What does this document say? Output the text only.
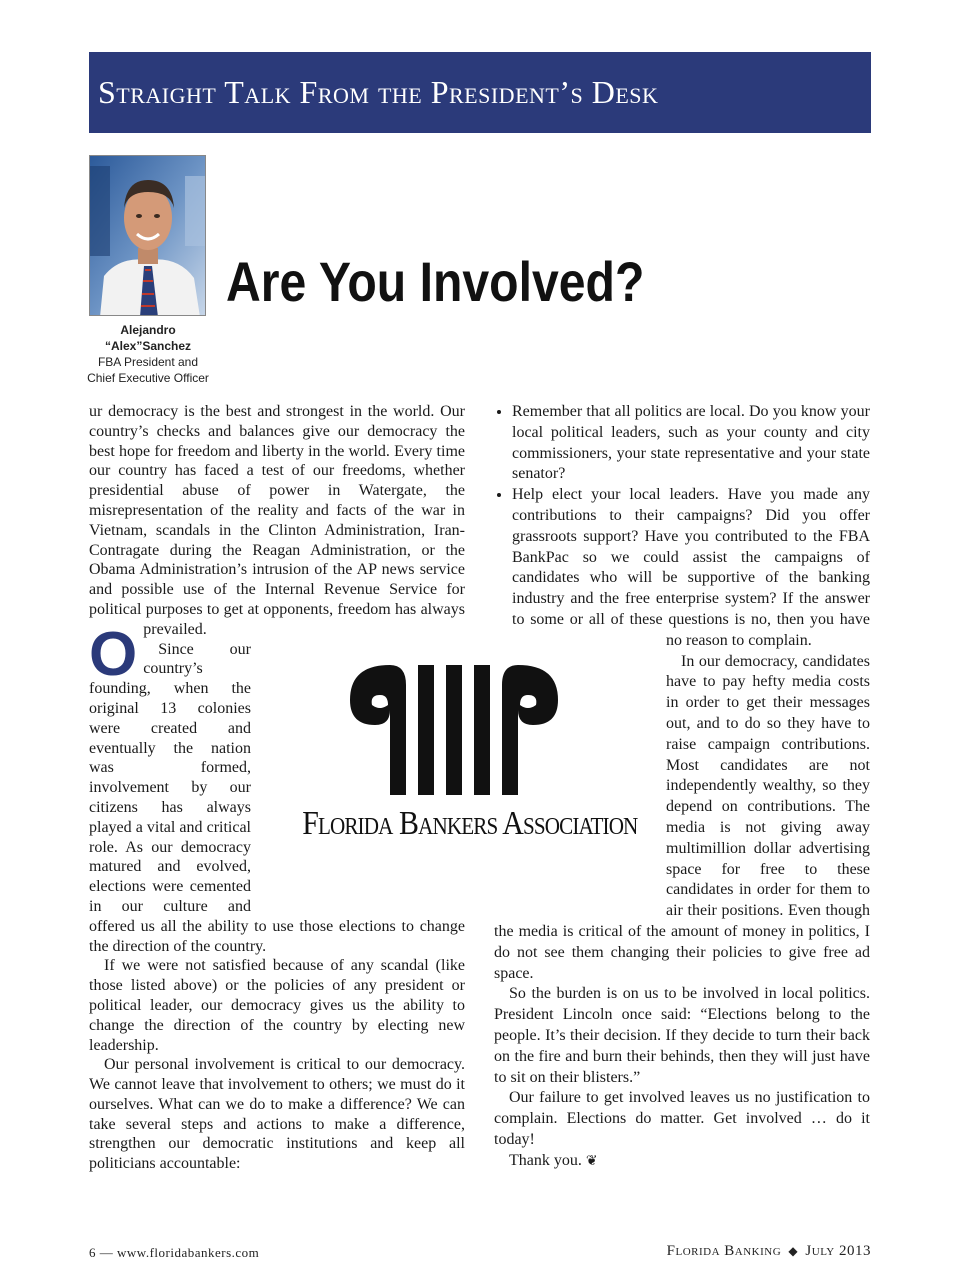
Straight Talk From the President’s Desk
Alejandro
“Alex”Sanchez
FBA President and
Chief Executive Officer
Are You Involved?

O
ur democracy is the best and strongest in the world. Our country’s checks and balances give our democracy the best hope for freedom and liberty in the world. Every time our country has faced a test of our freedoms, whether presidential abuse of power in Watergate, the misrepresentation of the reality and facts of the war in Vietnam, scandals in the Clinton Administration, Iran-Contragate during the Reagan Administration, or the Obama Administration’s intrusion of the AP news service and possible use of the Internal Revenue Service for political purposes to get at opponents, freedom has always prevailed.

Since our country’s founding, when the original 13 colonies were created and eventually the nation was formed, involvement by our citizens has always played a vital and critical role. As our democracy matured and evolved, elections were cemented in our culture and offered us all the ability to use those elections to change the direction of the country.

If we were not satisfied because of any scandal (like those listed above) or the policies of any president or political leader, our democracy gives us the ability to change the direction of the country by electing new leadership.

Our personal involvement is critical to our democracy. We cannot leave that involvement to others; we must do it ourselves. What can we do to make a difference? We can take several steps and actions to make a difference, strengthen our democratic institutions and keep all politicians accountable:

• Remember that all politics are local. Do you know your local political leaders, such as your county and city commissioners, your state representative and your state senator?
• Help elect your local leaders. Have you made any contributions to their campaigns? Did you offer grassroots support? Have you contributed to the FBA BankPac so we could assist the campaigns of candidates who will be supportive of the banking industry and the free enterprise system? If the answer to some or all of these questions is no, then you have no reason to complain.

In our democracy, candidates have to pay hefty media costs in order to get their messages out, and to do so they have to raise campaign contributions. Most candidates are not independently wealthy, so they depend on contributions. The media is not giving away multimillion dollar advertising space for free to these candidates in order for them to air their positions. Even though the media is critical of the amount of money in politics, I do not see them changing their policies to give free ad space.

So the burden is on us to be involved in local politics. President Lincoln once said: “Elections belong to the people. It’s their decision. If they decide to turn their back on the fire and burn their behinds, then they will just have to sit on their blisters.”

Our failure to get involved leaves us no justification to complain. Elections do matter. Get involved … do it today!

Thank you. ❦

Florida Bankers Association
6 — www.floridabankers.com	Florida Banking ◆ July 2013
